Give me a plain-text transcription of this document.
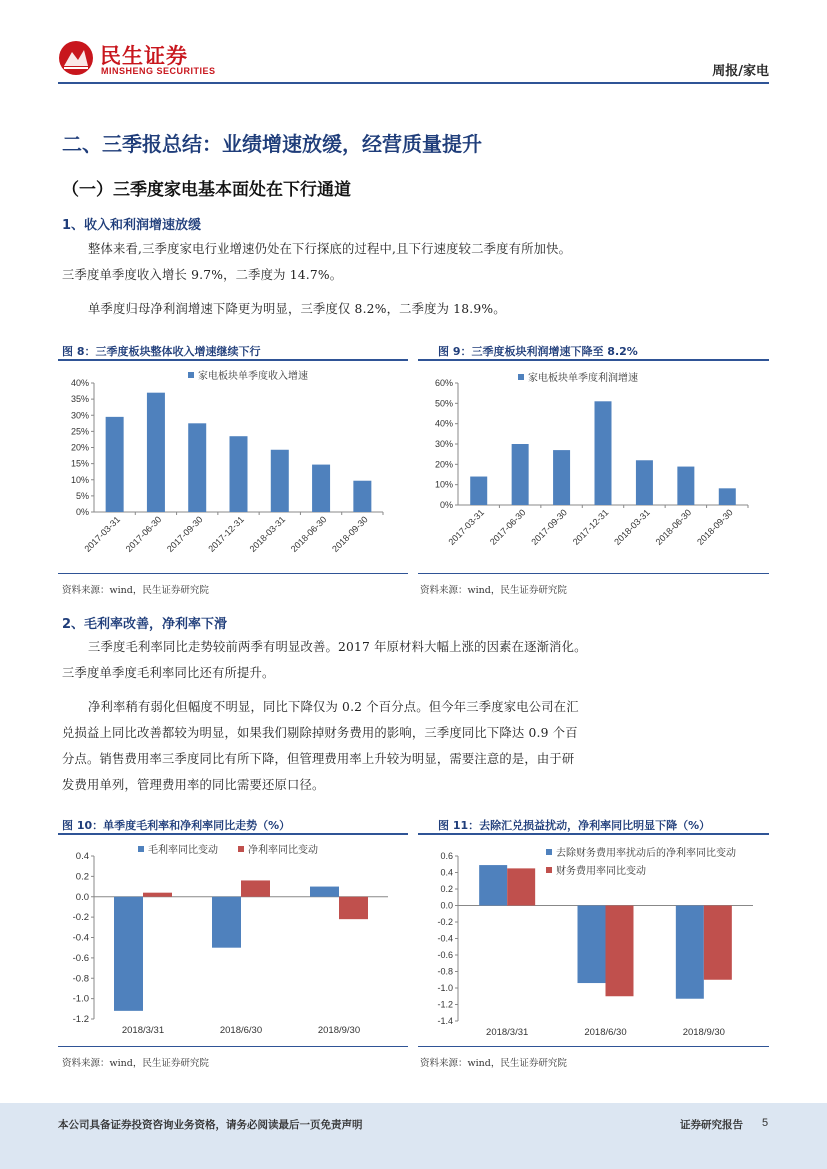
民生证券
MINSHENG SECURITIES	周报/家电
二、三季报总结：业绩增速放缓，经营质量提升
（一）三季度家电基本面处在下行通道
1、收入和利润增速放缓
整体来看,三季度家电行业增速仍处在下行探底的过程中,且下行速度较二季度有所加快。
三季度单季度收入增长 9.7%，二季度为 14.7%。
单季度归母净利润增速下降更为明显，三季度仅 8.2%，二季度为 18.9%。
图 8：三季度板块整体收入增速继续下行
0%
5%
10%
15%
20%
25%
30%
35%
40%
2017-03-31 2017-06-30 2017-09-30 2017-12-31 2018-03-31 2018-06-30 2018-09-30
家电板块单季度收入增速
资料来源：wind，民生证券研究院
图 9：三季度板块利润增速下降至 8.2%
0%
10%
20%
30%
40%
50%
60%
2017-03-31 2017-06-30 2017-09-30 2017-12-31 2018-03-31 2018-06-30 2018-09-30
家电板块单季度利润增速
资料来源：wind，民生证券研究院
2、毛利率改善，净利率下滑
三季度毛利率同比走势较前两季有明显改善。2017 年原材料大幅上涨的因素在逐渐消化。
三季度单季度毛利率同比还有所提升。
净利率稍有弱化但幅度不明显，同比下降仅为 0.2 个百分点。但今年三季度家电公司在汇
兑损益上同比改善都较为明显，如果我们剔除掉财务费用的影响，三季度同比下降达 0.9 个百
分点。销售费用率三季度同比有所下降，但管理费用率上升较为明显，需要注意的是，由于研
发费用单列，管理费用率的同比需要还原口径。
图 10：单季度毛利率和净利率同比走势（%）
-1.2
-1.0
-0.8
-0.6
-0.4
-0.2
0.0
0.2
0.4
2018/3/31	2018/6/30	2018/9/30
毛利率同比变动	净利率同比变动
资料来源：wind，民生证券研究院
图 11：去除汇兑损益扰动，净利率同比明显下降（%）
-1.4
-1.2
-1.0
-0.8
-0.6
-0.4
-0.2
0.0
0.2
0.4
0.6
2018/3/31	2018/6/30	2018/9/30
去除财务费用率扰动后的净利率同比变动
财务费用率同比变动
资料来源：wind，民生证券研究院
本公司具备证券投资咨询业务资格，请务必阅读最后一页免责声明	证券研究报告 5
